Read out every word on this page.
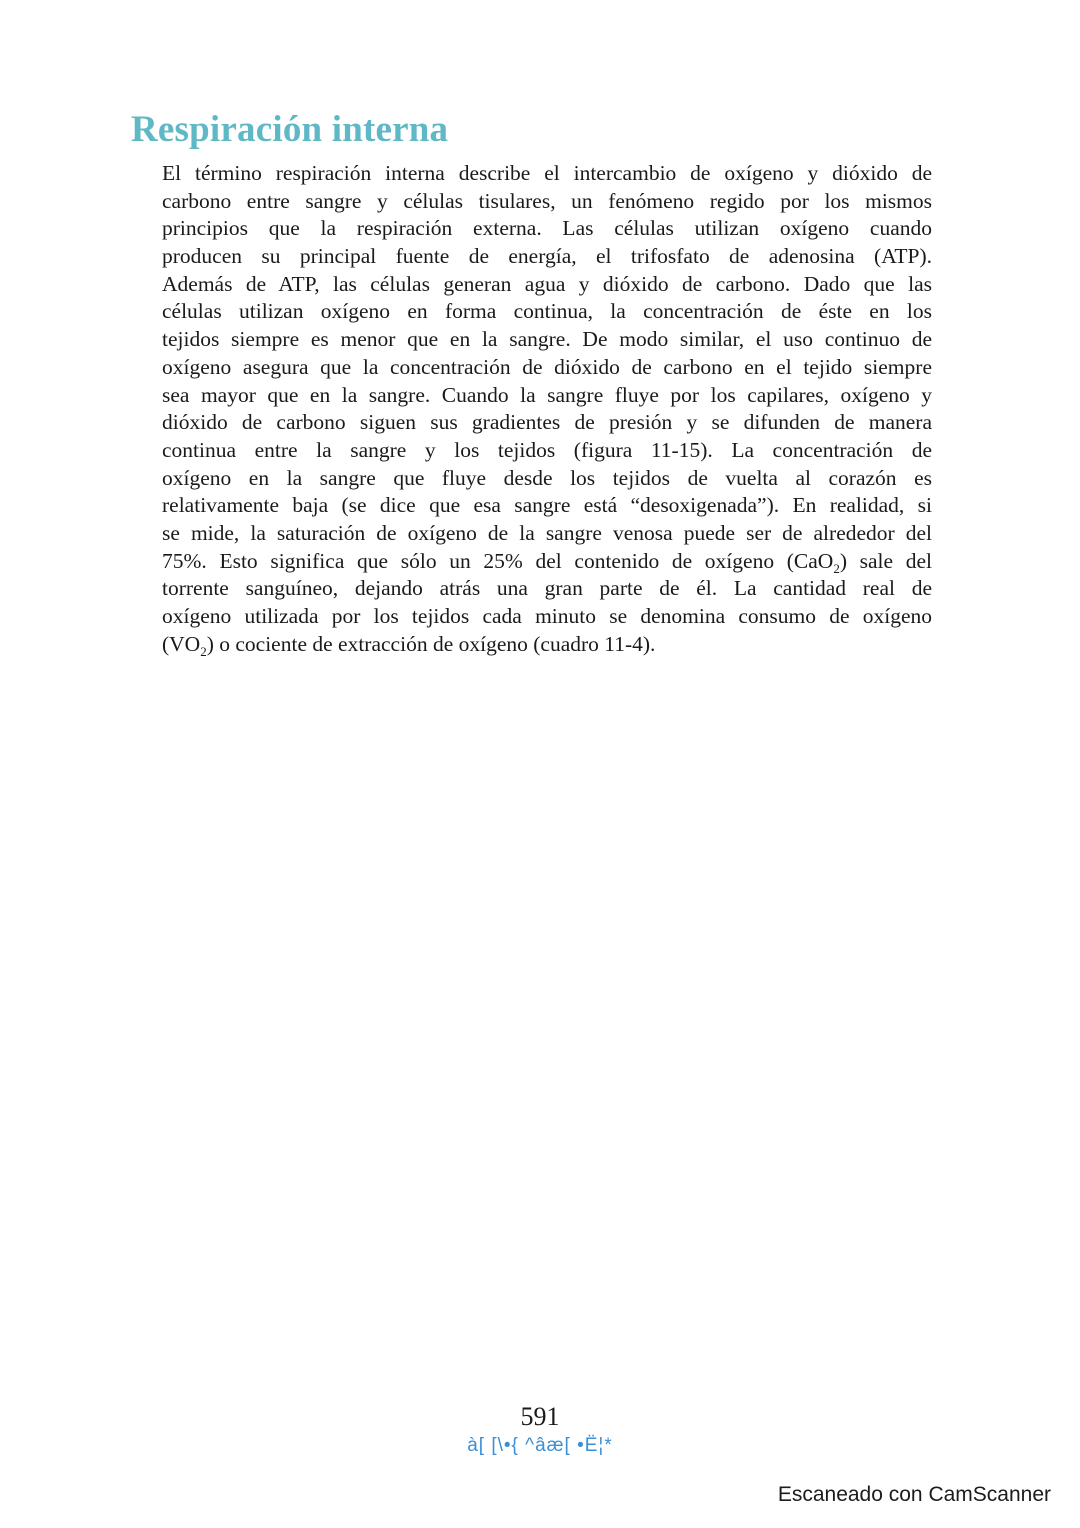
Respiración interna
El término respiración interna describe el intercambio de oxígeno y dióxido de
carbono entre sangre y células tisulares, un fenómeno regido por los mismos
principios que la respiración externa. Las células utilizan oxígeno cuando
producen su principal fuente de energía, el trifosfato de adenosina (ATP).
Además de ATP, las células generan agua y dióxido de carbono. Dado que las
células utilizan oxígeno en forma continua, la concentración de éste en los
tejidos siempre es menor que en la sangre. De modo similar, el uso continuo de
oxígeno asegura que la concentración de dióxido de carbono en el tejido siempre
sea mayor que en la sangre. Cuando la sangre fluye por los capilares, oxígeno y
dióxido de carbono siguen sus gradientes de presión y se difunden de manera
continua entre la sangre y los tejidos (figura 11-15). La concentración de
oxígeno en la sangre que fluye desde los tejidos de vuelta al corazón es
relativamente baja (se dice que esa sangre está “desoxigenada”). En realidad, si
se mide, la saturación de oxígeno de la sangre venosa puede ser de alrededor del
75%. Esto significa que sólo un 25% del contenido de oxígeno (CaO$_2$) sale del
torrente sanguíneo, dejando atrás una gran parte de él. La cantidad real de
oxígeno utilizada por los tejidos cada minuto se denomina consumo de oxígeno
$(VO_2)$ o cociente de extracción de oxígeno (cuadro 11-4).

591

à[ [\•{ ^âæ[ •Ë¦*

Escaneado con CamScanner
